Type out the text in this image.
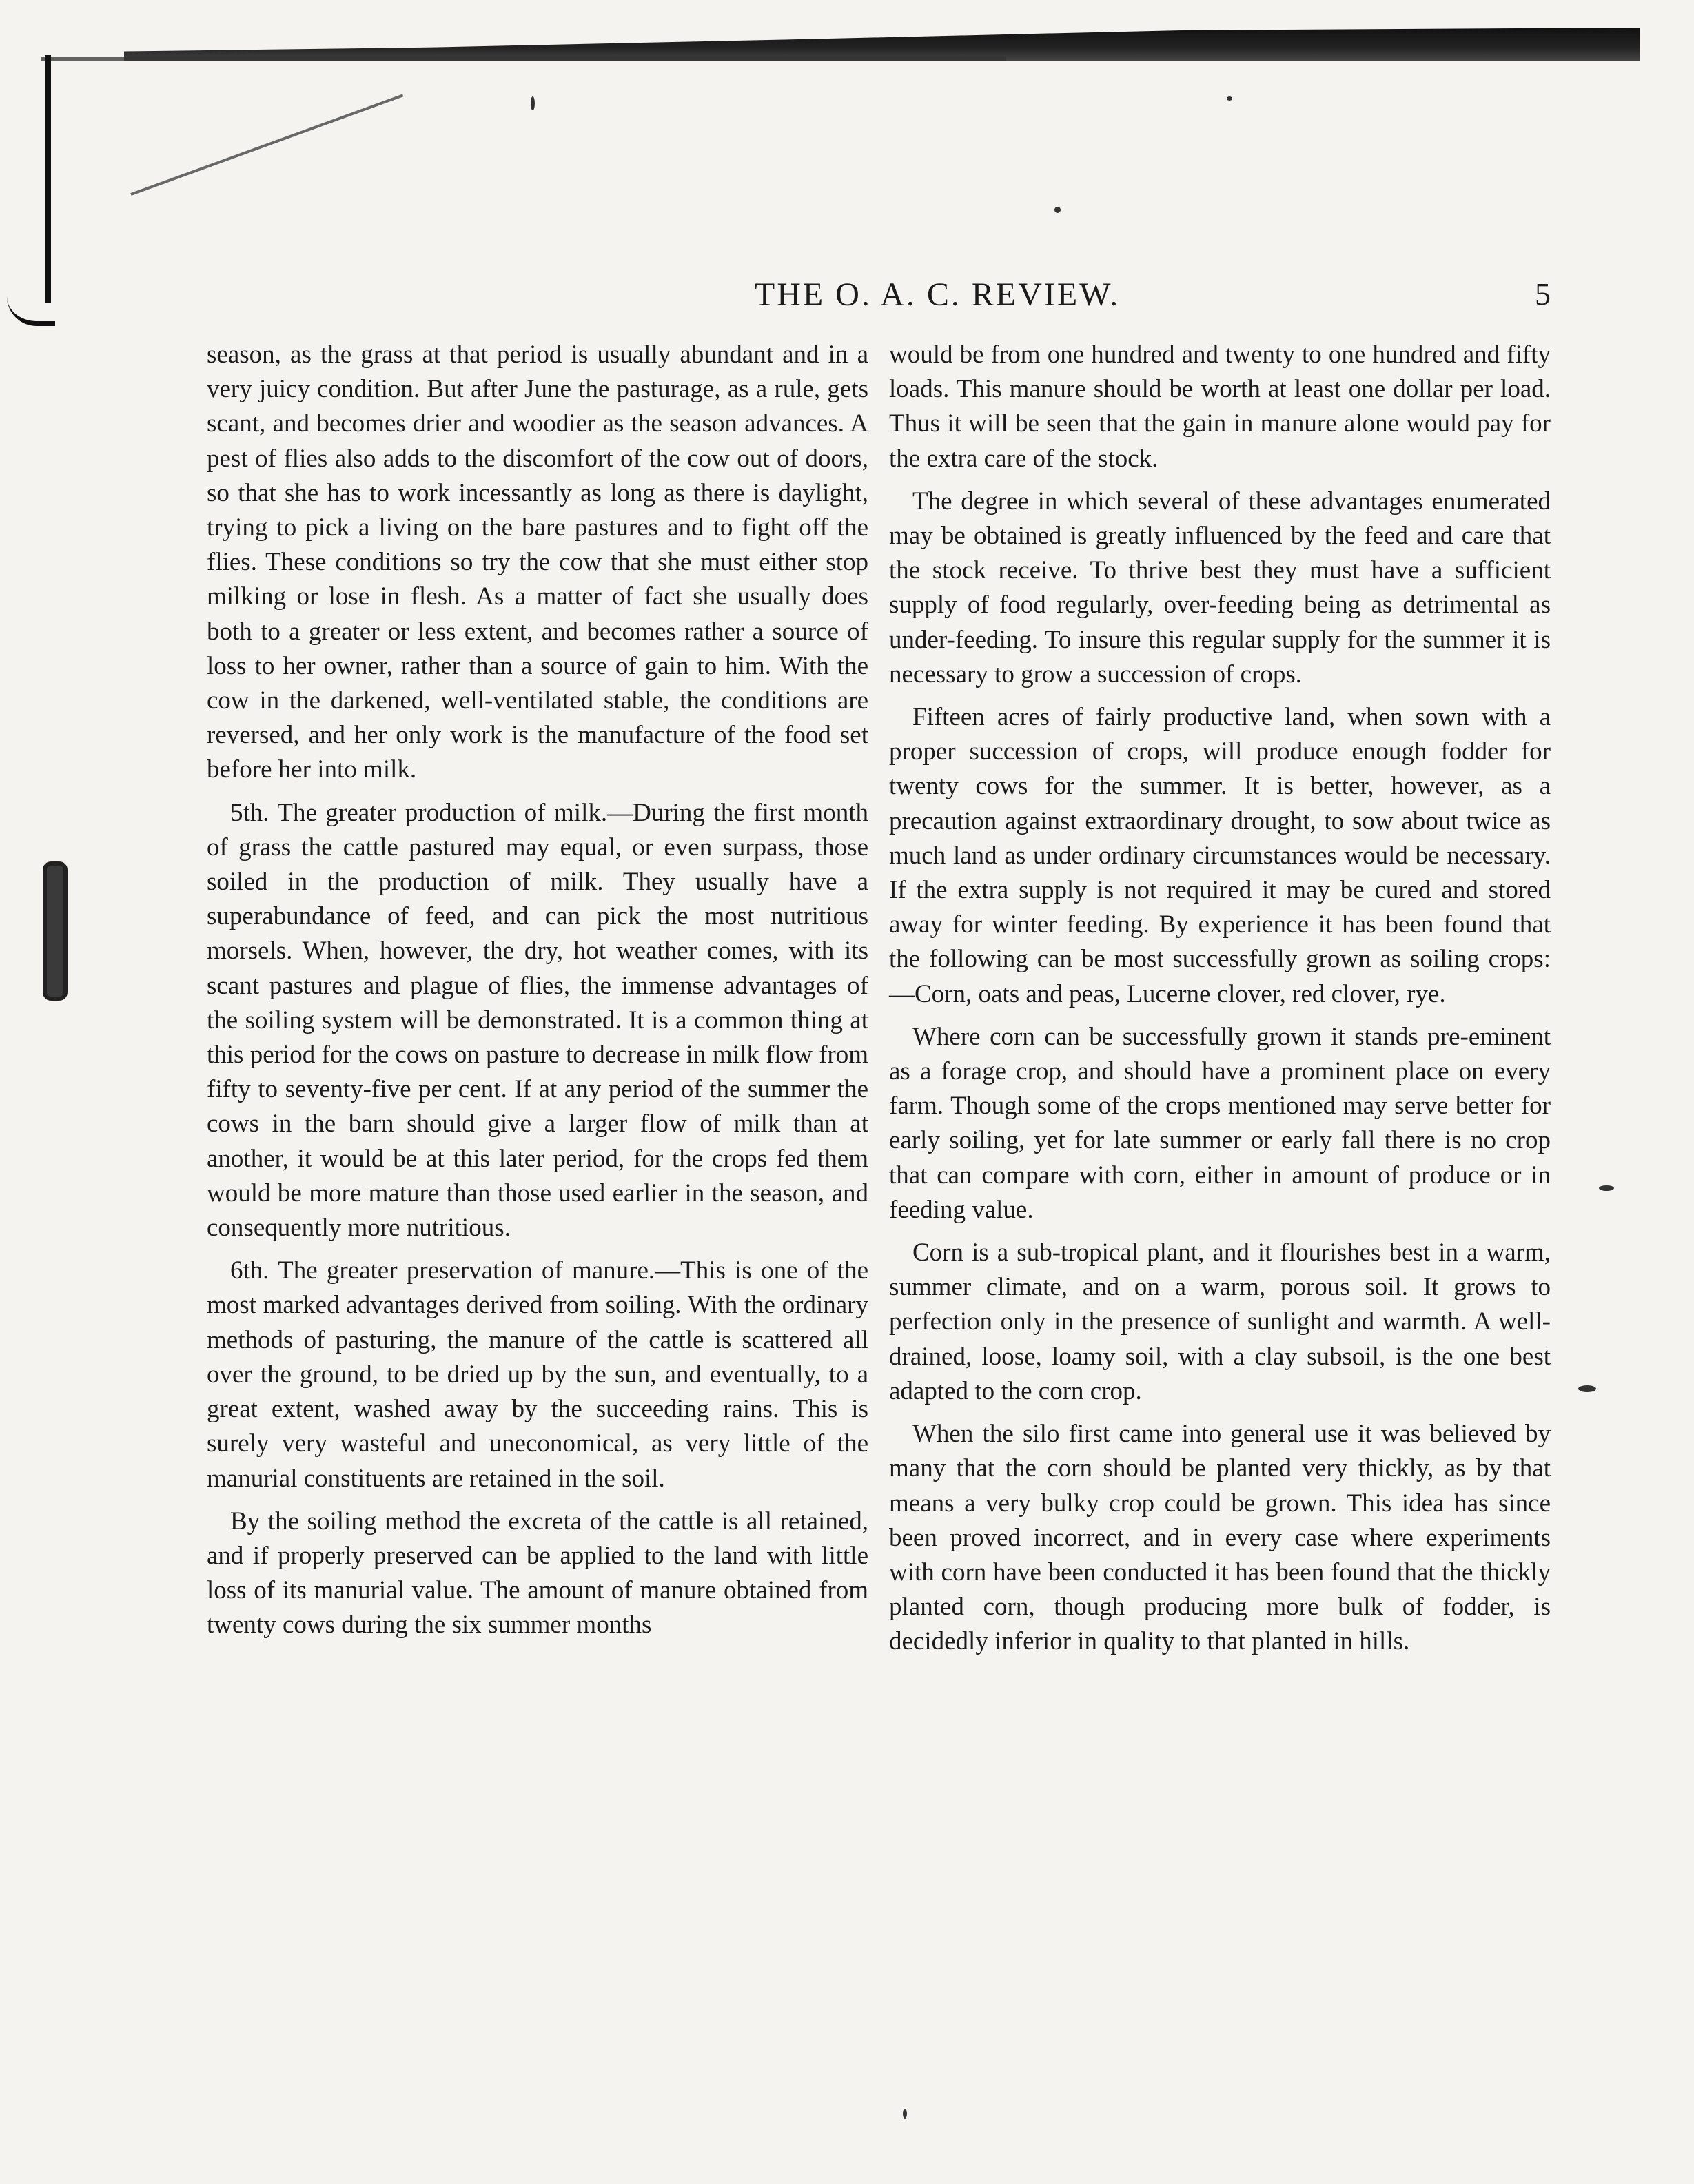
THE O. A. C. REVIEW.	5

season, as the grass at that period is usually abundant and in a very juicy condition. But after June the pasturage, as a rule, gets scant, and becomes drier and woodier as the season advances. A pest of flies also adds to the discomfort of the cow out of doors, so that she has to work incessantly as long as there is daylight, trying to pick a living on the bare pastures and to fight off the flies. These conditions so try the cow that she must either stop milking or lose in flesh. As a matter of fact she usually does both to a greater or less extent, and becomes rather a source of loss to her owner, rather than a source of gain to him. With the cow in the darkened, well-ventilated stable, the conditions are reversed, and her only work is the manufacture of the food set before her into milk.

5th. The greater production of milk.—During the first month of grass the cattle pastured may equal, or even surpass, those soiled in the production of milk. They usually have a superabundance of feed, and can pick the most nutritious morsels. When, however, the dry, hot weather comes, with its scant pastures and plague of flies, the immense advantages of the soiling system will be demonstrated. It is a common thing at this period for the cows on pasture to decrease in milk flow from fifty to seventy-five per cent. If at any period of the summer the cows in the barn should give a larger flow of milk than at another, it would be at this later period, for the crops fed them would be more mature than those used earlier in the season, and consequently more nutritious.

6th. The greater preservation of manure.—This is one of the most marked advantages derived from soiling. With the ordinary methods of pasturing, the manure of the cattle is scattered all over the ground, to be dried up by the sun, and eventually, to a great extent, washed away by the succeeding rains. This is surely very wasteful and uneconomical, as very little of the manurial constituents are retained in the soil.

By the soiling method the excreta of the cattle is all retained, and if properly preserved can be applied to the land with little loss of its manurial value. The amount of manure obtained from twenty cows during the six summer months

would be from one hundred and twenty to one hundred and fifty loads. This manure should be worth at least one dollar per load. Thus it will be seen that the gain in manure alone would pay for the extra care of the stock.

The degree in which several of these advantages enumerated may be obtained is greatly influenced by the feed and care that the stock receive. To thrive best they must have a sufficient supply of food regularly, over-feeding being as detrimental as under-feeding. To insure this regular supply for the summer it is necessary to grow a succession of crops.

Fifteen acres of fairly productive land, when sown with a proper succession of crops, will produce enough fodder for twenty cows for the summer. It is better, however, as a precaution against extraordinary drought, to sow about twice as much land as under ordinary circumstances would be necessary. If the extra supply is not required it may be cured and stored away for winter feeding. By experience it has been found that the following can be most successfully grown as soiling crops:—Corn, oats and peas, Lucerne clover, red clover, rye.

Where corn can be successfully grown it stands pre-eminent as a forage crop, and should have a prominent place on every farm. Though some of the crops mentioned may serve better for early soiling, yet for late summer or early fall there is no crop that can compare with corn, either in amount of produce or in feeding value.

Corn is a sub-tropical plant, and it flourishes best in a warm, summer climate, and on a warm, porous soil. It grows to perfection only in the presence of sunlight and warmth. A well-drained, loose, loamy soil, with a clay subsoil, is the one best adapted to the corn crop.

When the silo first came into general use it was believed by many that the corn should be planted very thickly, as by that means a very bulky crop could be grown. This idea has since been proved incorrect, and in every case where experiments with corn have been conducted it has been found that the thickly planted corn, though producing more bulk of fodder, is decidedly inferior in quality to that planted in hills.
